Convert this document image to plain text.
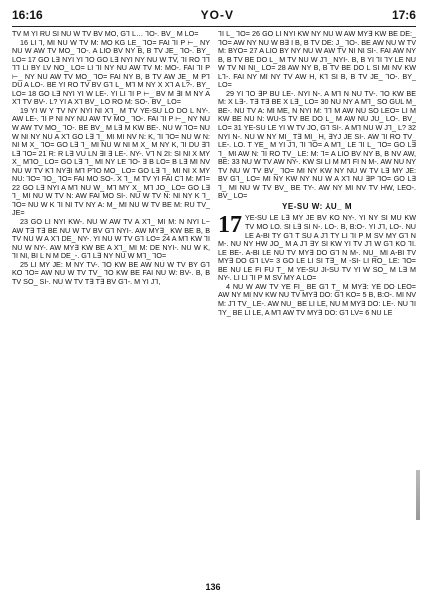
16:16	YO-V	17:6

TV M YI RU SI NU W TV BV MO, G⅂ L… ⅂O-. BV_ M LO=

16 LI ⅂, MI NU W TV M: MO KG LE_ ⅂O= FAI ⅂I P ⊢_ NY NU W AW TV MO_ ⅂O-. A LIO BV NY B, B TV JE_ ⅂O-. BY_ LO= 17 GO L∃ NYI YI ⅂O GO L∃ NYI NY NU W TV, ⅂I RO ⅂⅂ ⅂⅂ LI BY LV NO_ LO= LI ⅂I NY NU AW TV M: MO-. FAI ⅂I P ⊢_ NY NU AW TV MO_ ⅂O= FAI NY B, B TV AW JE_ M P⅂ DU A LO-. BE YI RO TV BV G⅂ L_ M⅂ M NY X X⅂ A L?-. BY_ LO= 18 GO L∃ NYI YI W LE-. YI LI ⅂I P ⊢_ BV M ∃I M NY A X⅂ TV BV-. L? YI A X⅂ BV_ LO RO M: SO-. BV_ LO=

19 YI W Y TV NY NYI NI X⅂_ M TV YE-SU LO DO L NY-. AW LE-. ⅂I P NI NY NU AW TV MO_ ⅂O-. FAI ⅂I P ⊢_ NY NU W AW TV MO_ ⅂O-. BE BV_ M L∃ M KW BE-. NU W ⅂O= NU W NI NY NU A X⅂ GO L∃ ⅂_ MI MI NV N: K, ⅂I ⅂O= NU W N: NI M X_ ⅂O= GO L∃ ⅂_ MI NU W NI M X_ M NY K, ⅂I DU ∃⅂ L∃ ⅂O= 21 R: R L∃ VU LN ∃I ∃ LE-. NY-. V⅂ N 2I: SI NI X MY X_ M⅂O_ LO= GO L∃ ⅂_ MI NY LE ⅂O- ∃ B LO= B L∃ MI NV NU W TV K⅂ NY∃I M⅂ P⅂O MO_ LO= GO L∃ ⅂_ MI NI X MY NU: ⅂O= ⅂O_ ⅂O= FAI MO SO-. X ⅂_ M TV YI FAI C⅂ M: M⅂= 22 GO L∃ NYI A M⅂ NU W_ M⅂ MY X_ M⅂ JO_ LO= GO L∃ ⅂_ MI NU W TV N: AW FAI MO SI-. NU W TV N: NI NY K ⅂_ ⅂O= NU W K ⅂I NI TV NY A: M_ MI NU W TV BE M: RU TV_ JE=

23 GO LI NYI KW-. NU W AW TV A X⅂_ MI M: N NYI L~ AW T∃ T∃ BE NU W TV BV G⅂ NYI-. AW MY∃_ KW BE B, B TV NU W A X⅂ DE_ NY-. YI NU W TV G⅂ LO= 24 A M⅂ KW ⅂I NU W NY-. AW MY∃ KW BE A X⅂_ MI M: DE NYI-. NU W K, ⅂I NI, BI L N M DE_-. G⅂ L∃ NY NU W M⅂_ ⅂O=

25 LI MY JE: M NY TV-. ⅂O KW BE AW NU W TV BY G⅂ KO ⅂O= AW NU W TV TV_ ⅂O KW BE FAI NU W: BV-. B, B TV SO_ SI-. NU W TV T∃ T∃ BV G⅂-. M YI J⅂,

⅂I L_ ⅂O= 26 GO LI NYI KW NY NU W AW MY∃ KW BE DE:_ ⅂O= AW NY NU W B∃ I B, B TV DE: J_ ⅂O-. BE AW NU W TV M: BYO= 27 A LIO BY NY NU W AW TV NI NI SI-. FAI AW NY B, B TV BE DO L_ M TV NU W J⅂_ NYI-. B, B YI ⅂I ⅂Y LE NU W TV NI NI_ LO= 28 AW NY B, B TV BE DO L SI MI NV KW L⅂-. FAI NY MI NY TV AW H, K⅂ SI B, B TV JE_ ⅂O-. BY_ LO=

29 YI ⅂O ∃P BU LE-. NYI N-. A M⅂ N NU TV-. ⅂O KW BE M: X L∃-. T∃ T∃ BE X L∃_ LO= 30 NU NY A M⅂_ SO GUL M_ BE-. NU TV A: MI ME, N NYI M: ⅂⅂ M AW NU SO LEO= LI M KW BE NU N: WU-S TV BE DO L_ M AW NU JU_ LO-. BV_ LO= 31 YE-SU LE YI W TV JO, G⅂ SI-. A M⅂ NU W J⅂_ L? 32 NYI N-. NU W NY MI_ T∃ MI_ H, ∃YJ JE SI-. AW ⅂I RO TV_ LE-. LO. T YE_ M YI J⅂, ⅂I ⅂O= A M⅂_ LE ⅂I L_ ⅂O= GO L∃ ⅂_ MI AW N: ⅂I RO TV_ LE: M: ⅂= A LIO BV NY B, B NV AW, BE: 33 NU W TV AW NY-. KW SI LI M M⅂ FI N M-. AW NU NY TV NU W TV BV_ ⅂O= MI NY KW NY NU W TV L∃ MY JE: BV G⅂_ LO= MI NY KW NY NU W A X⅂ NU ∃P ⅂O= GO L∃ ⅂_ MI NU W TV BV_ BE TY-. AW NY MI NV TV HW, LEO-. BV_ LO=

YE-SU W: ⅄U_ M

17 YE-SU LE L∃ MY JE BV KO NY-. YI NY SI MU KW TV MO LO. SI L∃ SI N-. LO-. B, B:O-. YI J⅂, LO-. NU LE A-BI TY G⅂ T SU A J⅂ TY LI ⅂I P M SV MY G⅂ N M-. NU NY HW JO_ M A J⅂ ∃Y SI KW YI TV J⅂ W G⅂ KO ⅂I. LE BE-. A-BI LE NU TV MY∃ DO G⅂ N M-. NU_ MI A-BI TV MY∃ DO G⅂ LV= 3 GO LE LI SI T∃_ M -SI- LI RO_ LE: ⅂O= BE NU LE FI FU T_ M YE-SU JI-SU TV YI W SO_ M L∃ M NY-. LI LI ⅂I P M SV MY A LO=

4 NU W AW TV YE FI_ BE G⅂ T_ M MY∃: YE DO LEO= AW NY MI NV KW NU TV MY∃ DO: G⅂ KO= 5 B, B:O-. MI NV M: J⅂ TV_ LE-. AW NU_ BE LI LE, NU M MY∃ DO: LE-. NU ⅂I ⅂Y_ BE LI LE, A M⅂ AW TV MY∃ DO: G⅂ LV= 6 NU LE

136
